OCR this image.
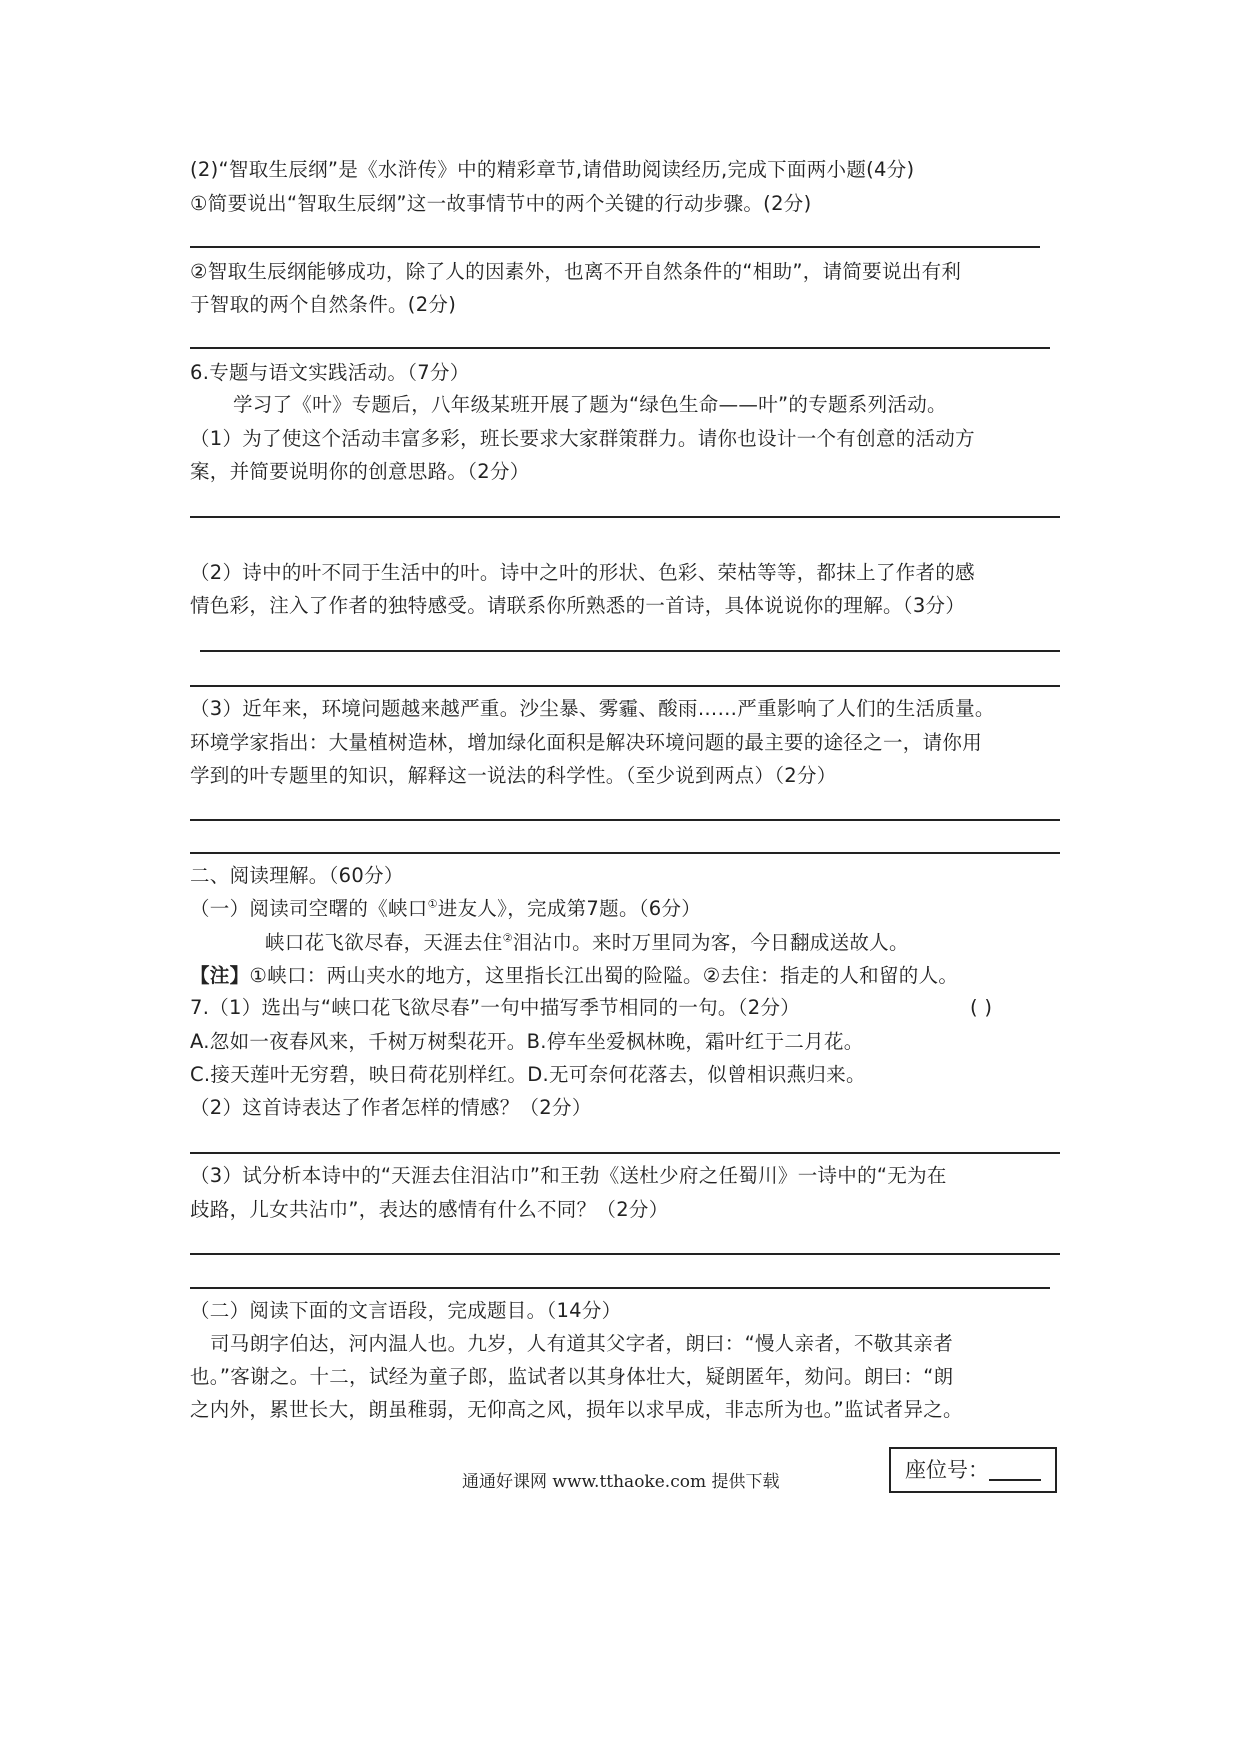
(2)“智取生辰纲”是《水浒传》中的精彩章节,请借助阅读经历,完成下面两小题(4分)
①简要说出“智取生辰纲”这一故事情节中的两个关键的行动步骤。(2分)
②智取生辰纲能够成功，除了人的因素外，也离不开自然条件的“相助”，请简要说出有利
于智取的两个自然条件。(2分)
6.专题与语文实践活动。（7分）
学习了《叶》专题后，八年级某班开展了题为“绿色生命——叶”的专题系列活动。
（1）为了使这个活动丰富多彩，班长要求大家群策群力。请你也设计一个有创意的活动方
案，并简要说明你的创意思路。（2分）
（2）诗中的叶不同于生活中的叶。诗中之叶的形状、色彩、荣枯等等，都抹上了作者的感
情色彩，注入了作者的独特感受。请联系你所熟悉的一首诗，具体说说你的理解。（3分）
（3）近年来，环境问题越来越严重。沙尘暴、雾霾、酸雨……严重影响了人们的生活质量。
环境学家指出：大量植树造林，增加绿化面积是解决环境问题的最主要的途径之一，请你用
学到的叶专题里的知识，解释这一说法的科学性。（至少说到两点）（2分）
二、阅读理解。（60分）
（一）阅读司空曙的《峡口①进友人》，完成第7题。（6分）
峡口花飞欲尽春，天涯去住②泪沾巾。来时万里同为客，今日翻成送故人。
【注】①峡口：两山夹水的地方，这里指长江出蜀的险隘。②去住：指走的人和留的人。
7.（1）选出与“峡口花飞欲尽春”一句中描写季节相同的一句。（2分）	( )
A.忽如一夜春风来，千树万树梨花开。B.停车坐爱枫林晚，霜叶红于二月花。
C.接天莲叶无穷碧，映日荷花别样红。D.无可奈何花落去，似曾相识燕归来。
（2）这首诗表达了作者怎样的情感？（2分）
（3）试分析本诗中的“天涯去住泪沾巾”和王勃《送杜少府之任蜀川》一诗中的“无为在
歧路，儿女共沾巾”，表达的感情有什么不同？（2分）
（二）阅读下面的文言语段，完成题目。（14分）
司马朗字伯达，河内温人也。九岁，人有道其父字者，朗曰：“慢人亲者，不敬其亲者
也。”客谢之。十二，试经为童子郎，监试者以其身体壮大，疑朗匿年，劾问。朗曰：“朗
之内外，累世长大，朗虽稚弱，无仰高之风，损年以求早成，非志所为也。”监试者异之。
通通好课网 www.tthaoke.com 提供下载	座位号：
